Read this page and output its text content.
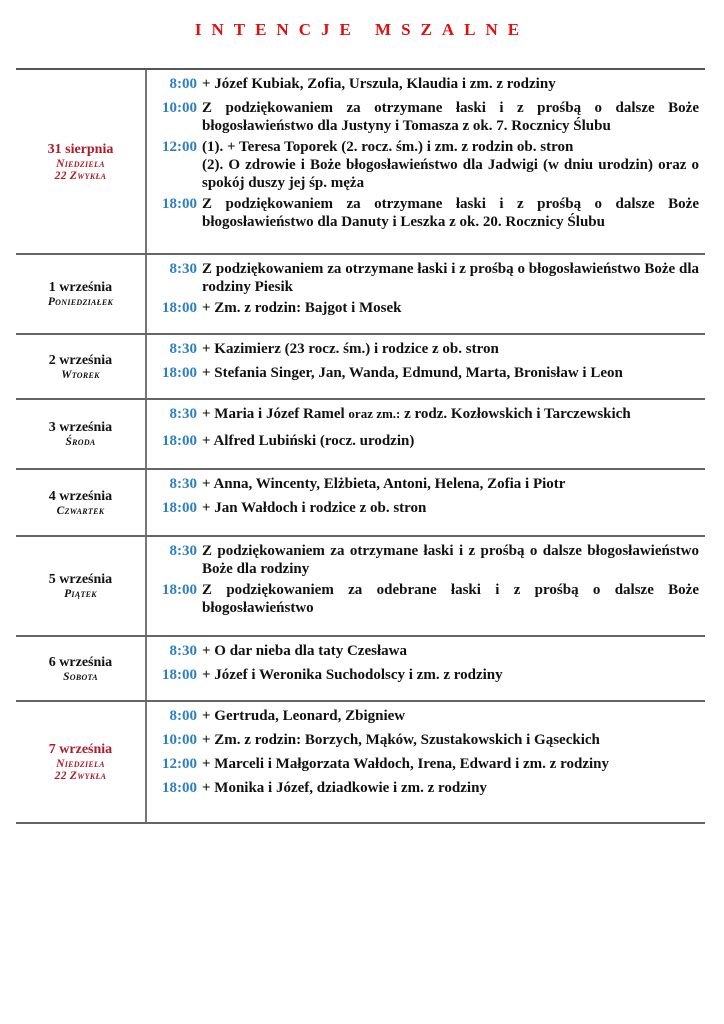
INTENCJE MSZALNE
31 sierpnia
Niedziela
22 Zwykła
8:00 + Józef Kubiak, Zofia, Urszula, Klaudia i zm. z rodziny
10:00 Z podziękowaniem za otrzymane łaski i z prośbą o dalsze Boże błogosławieństwo dla Justyny i Tomasza z ok. 7. Rocznicy Ślubu
12:00 (1). + Teresa Toporek (2. rocz. śm.) i zm. z rodzin ob. stron
(2). O zdrowie i Boże błogosławieństwo dla Jadwigi (w dniu urodzin) oraz o spokój duszy jej śp. męża
18:00 Z podziękowaniem za otrzymane łaski i z prośbą o dalsze Boże błogosławieństwo dla Danuty i Leszka z ok. 20. Rocznicy Ślubu
1 września
Poniedziałek
8:30 Z podziękowaniem za otrzymane łaski i z prośbą o błogosławieństwo Boże dla rodziny Piesik
18:00 + Zm. z rodzin: Bajgot i Mosek
2 września
Wtorek
8:30 + Kazimierz (23 rocz. śm.) i rodzice z ob. stron
18:00 + Stefania Singer, Jan, Wanda, Edmund, Marta, Bronisław i Leon
3 września
Środa
8:30 + Maria i Józef Ramel oraz zm.: z rodz. Kozłowskich i Tarczewskich
18:00 + Alfred Lubiński (rocz. urodzin)
4 września
Czwartek
8:30 + Anna, Wincenty, Elżbieta, Antoni, Helena, Zofia i Piotr
18:00 + Jan Wałdoch i rodzice z ob. stron
5 września
Piątek
8:30 Z podziękowaniem za otrzymane łaski i z prośbą o dalsze błogosławieństwo Boże dla rodziny
18:00 Z podziękowaniem za odebrane łaski i z prośbą o dalsze Boże błogosławieństwo
6 września
Sobota
8:30 + O dar nieba dla taty Czesława
18:00 + Józef i Weronika Suchodolscy i zm. z rodziny
7 września
Niedziela
22 Zwykła
8:00 + Gertruda, Leonard, Zbigniew
10:00 + Zm. z rodzin: Borzych, Mąków, Szustakowskich i Gąseckich
12:00 + Marceli i Małgorzata Wałdoch, Irena, Edward i zm. z rodziny
18:00 + Monika i Józef, dziadkowie i zm. z rodziny
